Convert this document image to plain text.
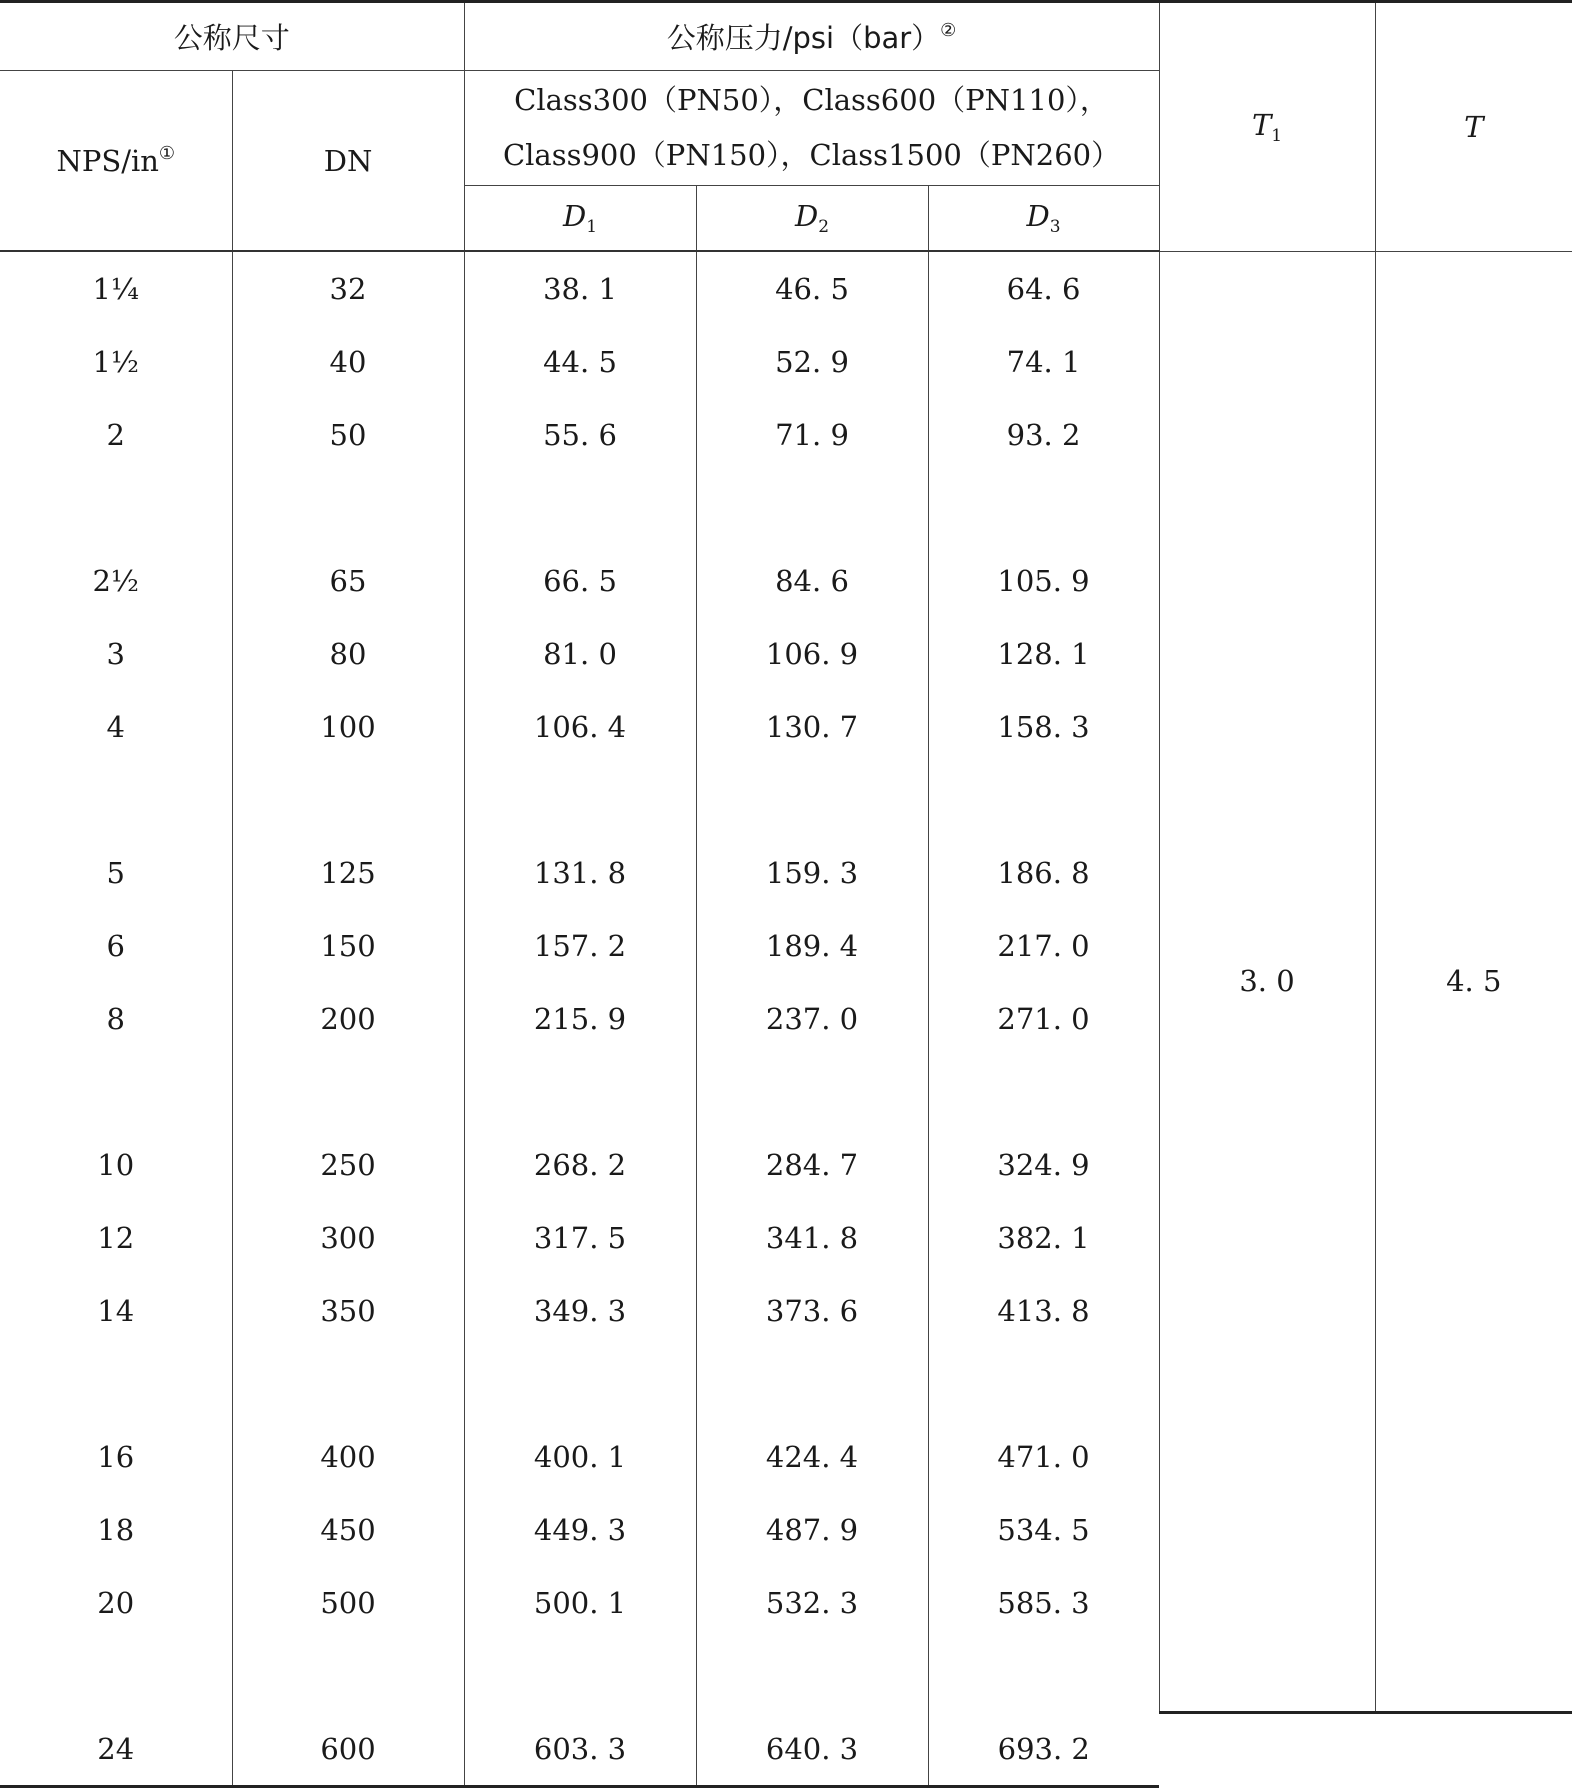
公称尺寸		公称压力/psi（bar）②			$T_1$	T
NPS/in①	DN	Class300（PN50），Class600（PN110），
Class900（PN150），Class1500（PN260）				
		$D_1$	$D_2$	$D_3$
1¼	32	38. 1	46. 5	64. 6	3. 0	4. 5
1½	40	44. 5	52. 9	74. 1		
2	50	55. 6	71. 9	93. 2		

2½	65	66. 5	84. 6	105. 9		
3	80	81. 0	106. 9	128. 1		
4	100	106. 4	130. 7	158. 3		

5	125	131. 8	159. 3	186. 8		
6	150	157. 2	189. 4	217. 0		
8	200	215. 9	237. 0	271. 0		

10	250	268. 2	284. 7	324. 9		
12	300	317. 5	341. 8	382. 1		
14	350	349. 3	373. 6	413. 8		

16	400	400. 1	424. 4	471. 0		
18	450	449. 3	487. 9	534. 5		
20	500	500. 1	532. 3	585. 3		

24	600	603. 3	640. 3	693. 2		
